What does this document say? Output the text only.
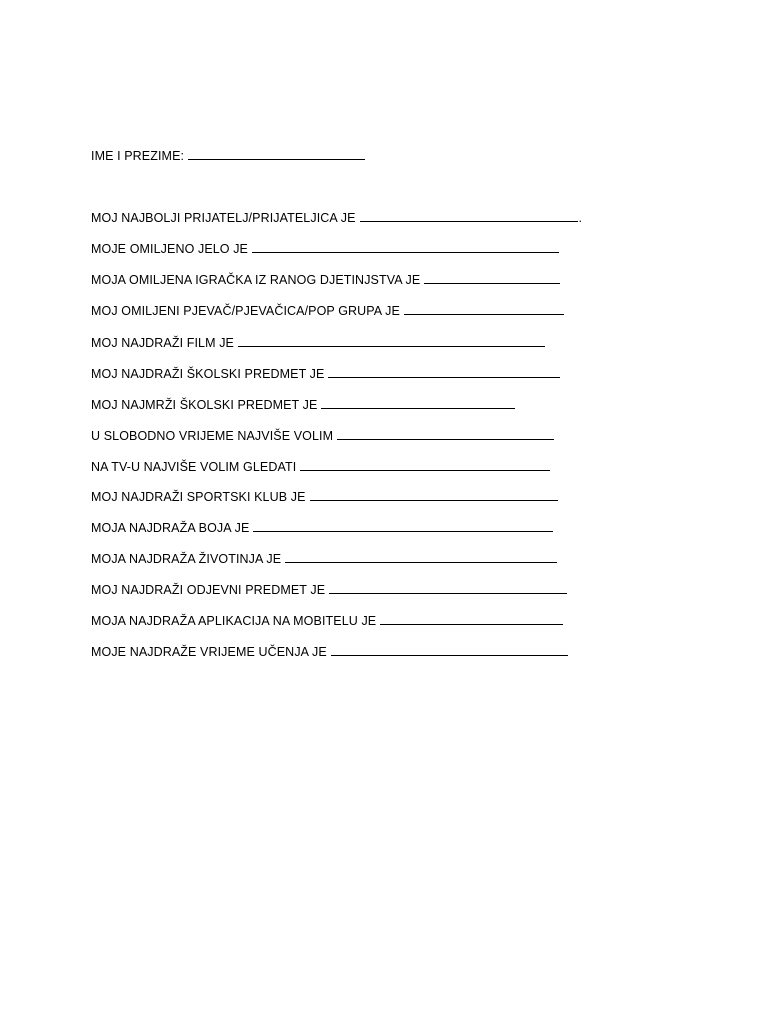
IME I PREZIME:
MOJ NAJBOLJI PRIJATELJ/PRIJATELJICA JE	.
MOJE OMILJENO JELO JE
MOJA OMILJENA IGRAČKA IZ RANOG DJETINJSTVA JE
MOJ OMILJENI PJEVAČ/PJEVAČICA/POP GRUPA JE
MOJ NAJDRAŽI FILM JE
MOJ NAJDRAŽI ŠKOLSKI PREDMET JE
MOJ NAJMRŽI ŠKOLSKI PREDMET JE
U SLOBODNO VRIJEME NAJVIŠE VOLIM
NA TV-U NAJVIŠE VOLIM GLEDATI
MOJ NAJDRAŽI SPORTSKI KLUB JE
MOJA NAJDRAŽA BOJA JE
MOJA NAJDRAŽA ŽIVOTINJA JE
MOJ NAJDRAŽI ODJEVNI PREDMET JE
MOJA NAJDRAŽA APLIKACIJA NA MOBITELU JE
MOJE NAJDRAŽE VRIJEME UČENJA JE
